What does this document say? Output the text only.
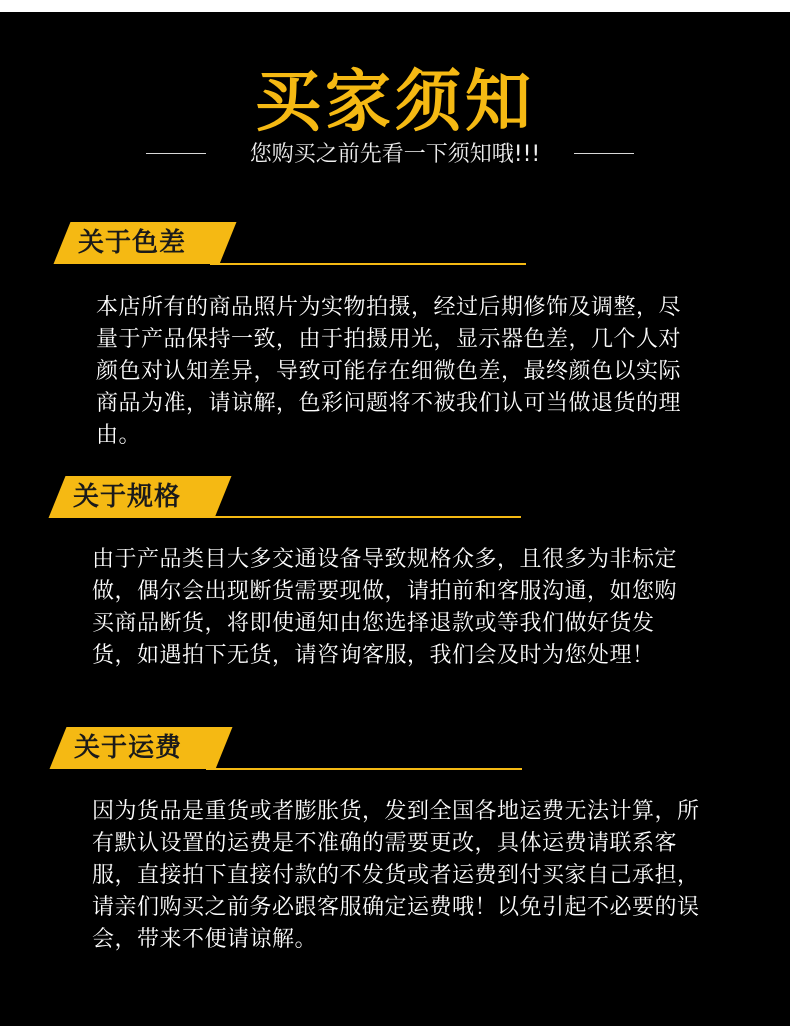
买家须知
您购买之前先看一下须知哦!!!
关于色差
本店所有的商品照片为实物拍摄，经过后期修饰及调整，尽量于产品保持一致，由于拍摄用光，显示器色差，几个人对颜色对认知差异，导致可能存在细微色差，最终颜色以实际商品为准，请谅解，色彩问题将不被我们认可当做退货的理由。
关于规格
由于产品类目大多交通设备导致规格众多，且很多为非标定做，偶尔会出现断货需要现做，请拍前和客服沟通，如您购买商品断货，将即使通知由您选择退款或等我们做好货发货，如遇拍下无货，请咨询客服，我们会及时为您处理！
关于运费
因为货品是重货或者膨胀货，发到全国各地运费无法计算，所有默认设置的运费是不准确的需要更改，具体运费请联系客服，直接拍下直接付款的不发货或者运费到付买家自己承担，请亲们购买之前务必跟客服确定运费哦！以免引起不必要的误会，带来不便请谅解。
